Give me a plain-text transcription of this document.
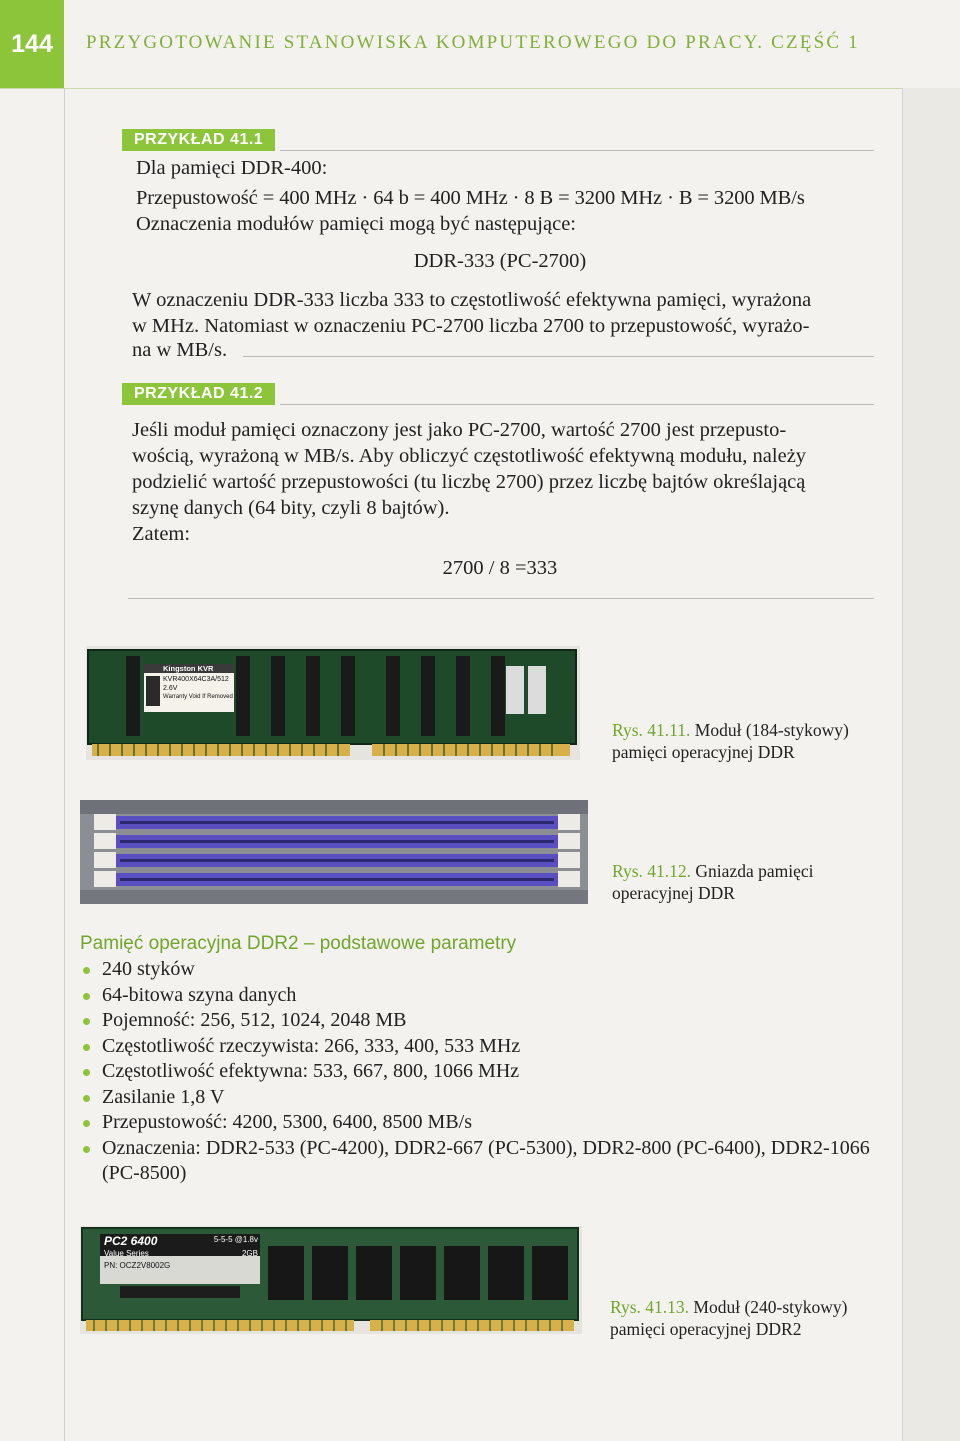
144	PRZYGOTOWANIE STANOWISKA KOMPUTEROWEGO DO PRACY. CZĘŚĆ 1
PRZYKŁAD 41.1
Dla pamięci DDR-400:
Przepustowość = 400 MHz · 64 b = 400 MHz · 8 B = 3200 MHz · B = 3200 MB/s
Oznaczenia modułów pamięci mogą być następujące:
DDR-333 (PC-2700)
W oznaczeniu DDR-333 liczba 333 to częstotliwość efektywna pamięci, wyrażona
w MHz. Natomiast w oznaczeniu PC-2700 liczba 2700 to przepustowość, wyrażo-
na w MB/s.
PRZYKŁAD 41.2
Jeśli moduł pamięci oznaczony jest jako PC-2700, wartość 2700 jest przepusto-
wością, wyrażoną w MB/s. Aby obliczyć częstotliwość efektywną modułu, należy
podzielić wartość przepustowości (tu liczbę 2700) przez liczbę bajtów określającą
szynę danych (64 bity, czyli 8 bajtów).
Zatem:
2700 / 8 =333
Kingston KVR
KVR400X64C3A/512
2.6V
Warranty Void If Removed
Rys. 41.11. Moduł (184-stykowy)
pamięci operacyjnej DDR
Rys. 41.12. Gniazda pamięci
operacyjnej DDR
Pamięć operacyjna DDR2 – podstawowe parametry
240 styków
64-bitowa szyna danych
Pojemność: 256, 512, 1024, 2048 MB
Częstotliwość rzeczywista: 266, 333, 400, 533 MHz
Częstotliwość efektywna: 533, 667, 800, 1066 MHz
Zasilanie 1,8 V
Przepustowość: 4200, 5300, 6400, 8500 MB/s
Oznaczenia: DDR2-533 (PC-4200), DDR2-667 (PC-5300), DDR2-800 (PC-6400), DDR2-1066 (PC-8500)
PC2 6400	5-5-5 @1.8v
Value Series	2GB
PN: OCZ2V8002G
Rys. 41.13. Moduł (240-stykowy)
pamięci operacyjnej DDR2
